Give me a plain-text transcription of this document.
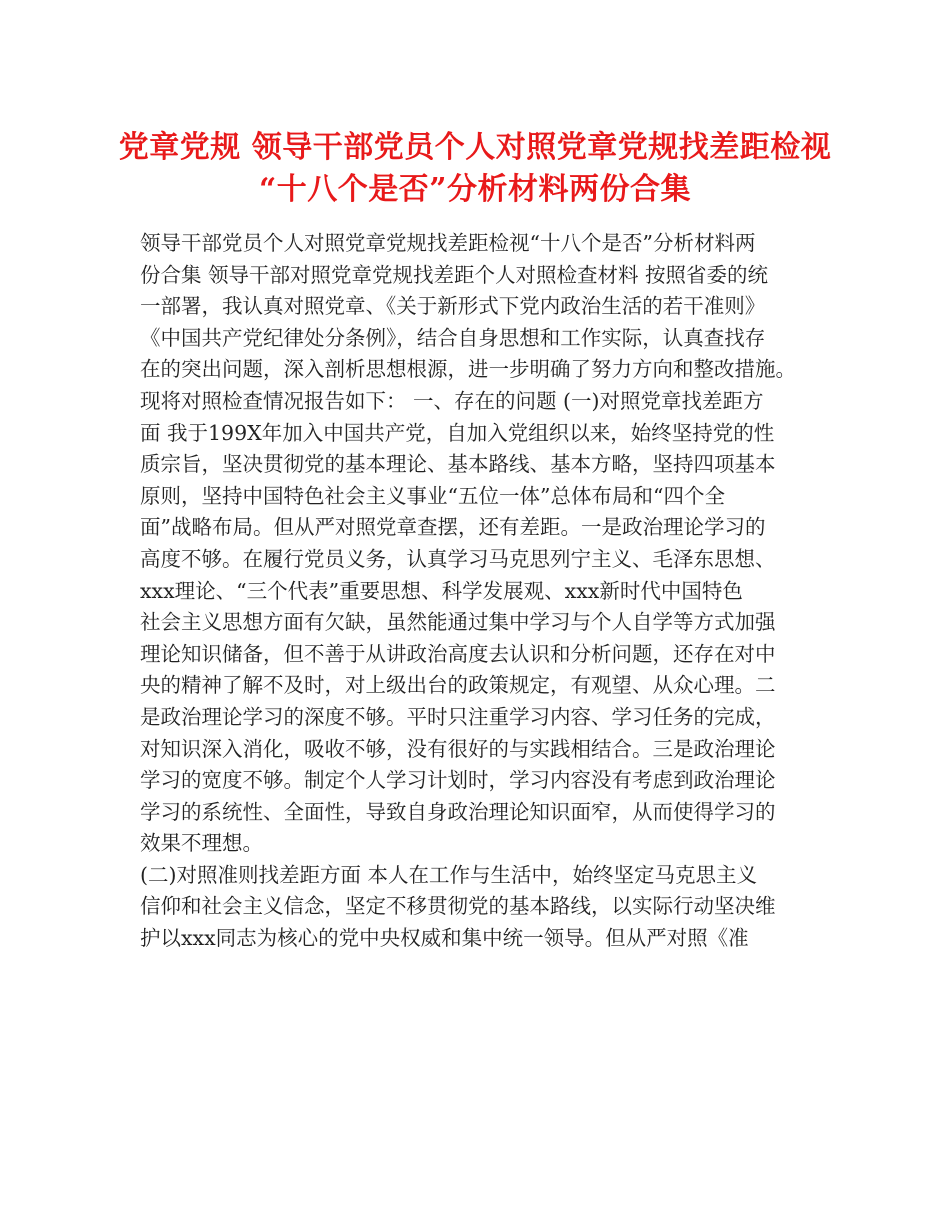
党章党规 领导干部党员个人对照党章党规找差距检视
“十八个是否”分析材料两份合集
领导干部党员个人对照党章党规找差距检视“十八个是否”分析材料两
份合集 领导干部对照党章党规找差距个人对照检查材料 按照省委的统
一部署，我认真对照党章、《关于新形式下党内政治生活的若干准则》
《中国共产党纪律处分条例》，结合自身思想和工作实际，认真查找存
在的突出问题，深入剖析思想根源，进一步明确了努力方向和整改措施。
现将对照检查情况报告如下： 一、存在的问题 (一)对照党章找差距方
面 我于199X年加入中国共产党，自加入党组织以来，始终坚持党的性
质宗旨，坚决贯彻党的基本理论、基本路线、基本方略，坚持四项基本
原则，坚持中国特色社会主义事业“五位一体”总体布局和“四个全
面”战略布局。但从严对照党章查摆，还有差距。一是政治理论学习的
高度不够。在履行党员义务，认真学习马克思列宁主义、毛泽东思想、
xxx理论、“三个代表”重要思想、科学发展观、xxx新时代中国特色
社会主义思想方面有欠缺，虽然能通过集中学习与个人自学等方式加强
理论知识储备，但不善于从讲政治高度去认识和分析问题，还存在对中
央的精神了解不及时，对上级出台的政策规定，有观望、从众心理。二
是政治理论学习的深度不够。平时只注重学习内容、学习任务的完成，
对知识深入消化，吸收不够，没有很好的与实践相结合。三是政治理论
学习的宽度不够。制定个人学习计划时，学习内容没有考虑到政治理论
学习的系统性、全面性，导致自身政治理论知识面窄，从而使得学习的
效果不理想。
(二)对照准则找差距方面 本人在工作与生活中，始终坚定马克思主义
信仰和社会主义信念，坚定不移贯彻党的基本路线，以实际行动坚决维
护以xxx同志为核心的党中央权威和集中统一领导。但从严对照《准
